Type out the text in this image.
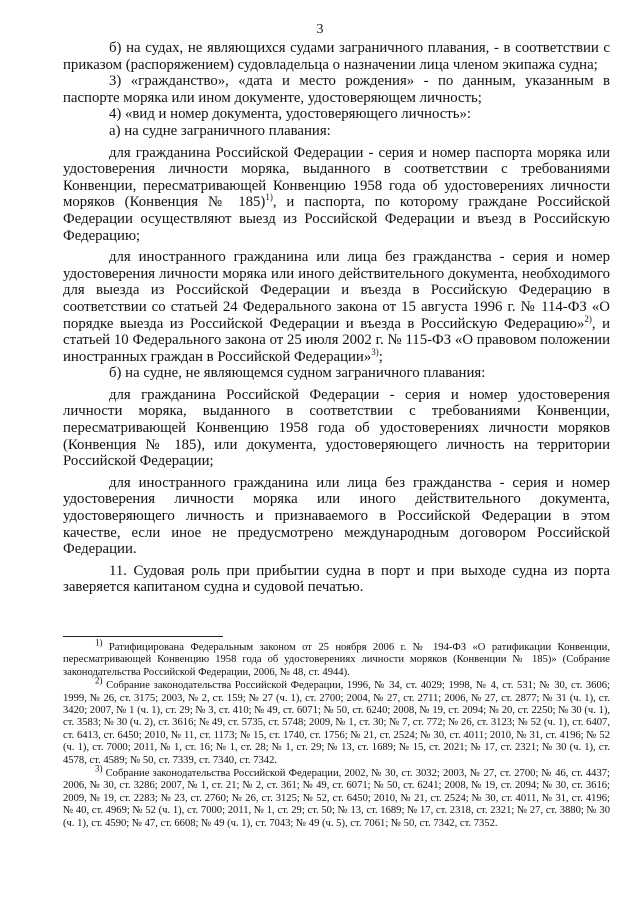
3

б) на судах, не являющихся судами заграничного плавания, - в соответствии с приказом (распоряжением) судовладельца о назначении лица членом экипажа судна;

3) «гражданство», «дата и место рождения» - по данным, указанным в паспорте моряка или ином документе, удостоверяющем личность;

4) «вид и номер документа, удостоверяющего личность»:

а) на судне заграничного плавания:

для гражданина Российской Федерации - серия и номер паспорта моряка или удостоверения личности моряка, выданного в соответствии с требованиями Конвенции, пересматривающей Конвенцию 1958 года об удостоверениях личности моряков (Конвенция № 185)$^{1)}$, и паспорта, по которому граждане Российской Федерации осуществляют выезд из Российской Федерации и въезд в Российскую Федерацию;

для иностранного гражданина или лица без гражданства - серия и номер удостоверения личности моряка или иного действительного документа, необходимого для выезда из Российской Федерации и въезда в Российскую Федерацию в соответствии со статьей 24 Федерального закона от 15 августа 1996 г. № 114-ФЗ «О порядке выезда из Российской Федерации и въезда в Российскую Федерацию»$^{2)}$, и статьей 10 Федерального закона от 25 июля 2002 г. № 115-ФЗ «О правовом положении иностранных граждан в Российской Федерации»$^{3)}$;

б) на судне, не являющемся судном заграничного плавания:

для гражданина Российской Федерации - серия и номер удостоверения личности моряка, выданного в соответствии с требованиями Конвенции, пересматривающей Конвенцию 1958 года об удостоверениях личности моряков (Конвенция № 185), или документа, удостоверяющего личность на территории Российской Федерации;

для иностранного гражданина или лица без гражданства - серия и номер удостоверения личности моряка или иного действительного документа, удостоверяющего личность и признаваемого в Российской Федерации в этом качестве, если иное не предусмотрено международным договором Российской Федерации.

11. Судовая роль при прибытии судна в порт и при выходе судна из порта заверяется капитаном судна и судовой печатью.

$^{1)}$ Ратифицирована Федеральным законом от 25 ноября 2006 г. № 194-ФЗ «О ратификации Конвенции, пересматривающей Конвенцию 1958 года об удостоверениях личности моряков (Конвенции № 185)» (Собрание законодательства Российской Федерации, 2006, № 48, ст. 4944).

$^{2)}$ Собрание законодательства Российской Федерации, 1996, № 34, ст. 4029; 1998, № 4, ст. 531; № 30, ст. 3606; 1999, № 26, ст. 3175; 2003, № 2, ст. 159; № 27 (ч. 1), ст. 2700; 2004, № 27, ст. 2711; 2006, № 27, ст. 2877; № 31 (ч. 1), ст. 3420; 2007, № 1 (ч. 1), ст. 29; № 3, ст. 410; № 49, ст. 6071; № 50, ст. 6240; 2008, № 19, ст. 2094; № 20, ст. 2250; № 30 (ч. 1), ст. 3583; № 30 (ч. 2), ст. 3616; № 49, ст. 5735, ст. 5748; 2009, № 1, ст. 30; № 7, ст. 772; № 26, ст. 3123; № 52 (ч. 1), ст. 6407, ст. 6413, ст. 6450; 2010, № 11, ст. 1173; № 15, ст. 1740, ст. 1756; № 21, ст. 2524; № 30, ст. 4011; 2010, № 31, ст. 4196; № 52 (ч. 1), ст. 7000; 2011, № 1, ст. 16; № 1, ст. 28; № 1, ст. 29; № 13, ст. 1689; № 15, ст. 2021; № 17, ст. 2321; № 30 (ч. 1), ст. 4578, ст. 4589; № 50, ст. 7339, ст. 7340, ст. 7342.

$^{3)}$ Собрание законодательства Российской Федерации, 2002, № 30, ст. 3032; 2003, № 27, ст. 2700; № 46, ст. 4437; 2006, № 30, ст. 3286; 2007, № 1, ст. 21; № 2, ст. 361; № 49, ст. 6071; № 50, ст. 6241; 2008, № 19, ст. 2094; № 30, ст. 3616; 2009, № 19, ст. 2283; № 23, ст. 2760; № 26, ст. 3125; № 52, ст. 6450; 2010, № 21, ст. 2524; № 30, ст. 4011, № 31, ст. 4196; № 40, ст. 4969; № 52 (ч. 1), ст. 7000; 2011, № 1, ст. 29; ст. 50; № 13, ст. 1689; № 17, ст. 2318, ст. 2321; № 27, ст. 3880; № 30 (ч. 1), ст. 4590; № 47, ст. 6608; № 49 (ч. 1), ст. 7043; № 49 (ч. 5), ст. 7061; № 50, ст. 7342, ст. 7352.
